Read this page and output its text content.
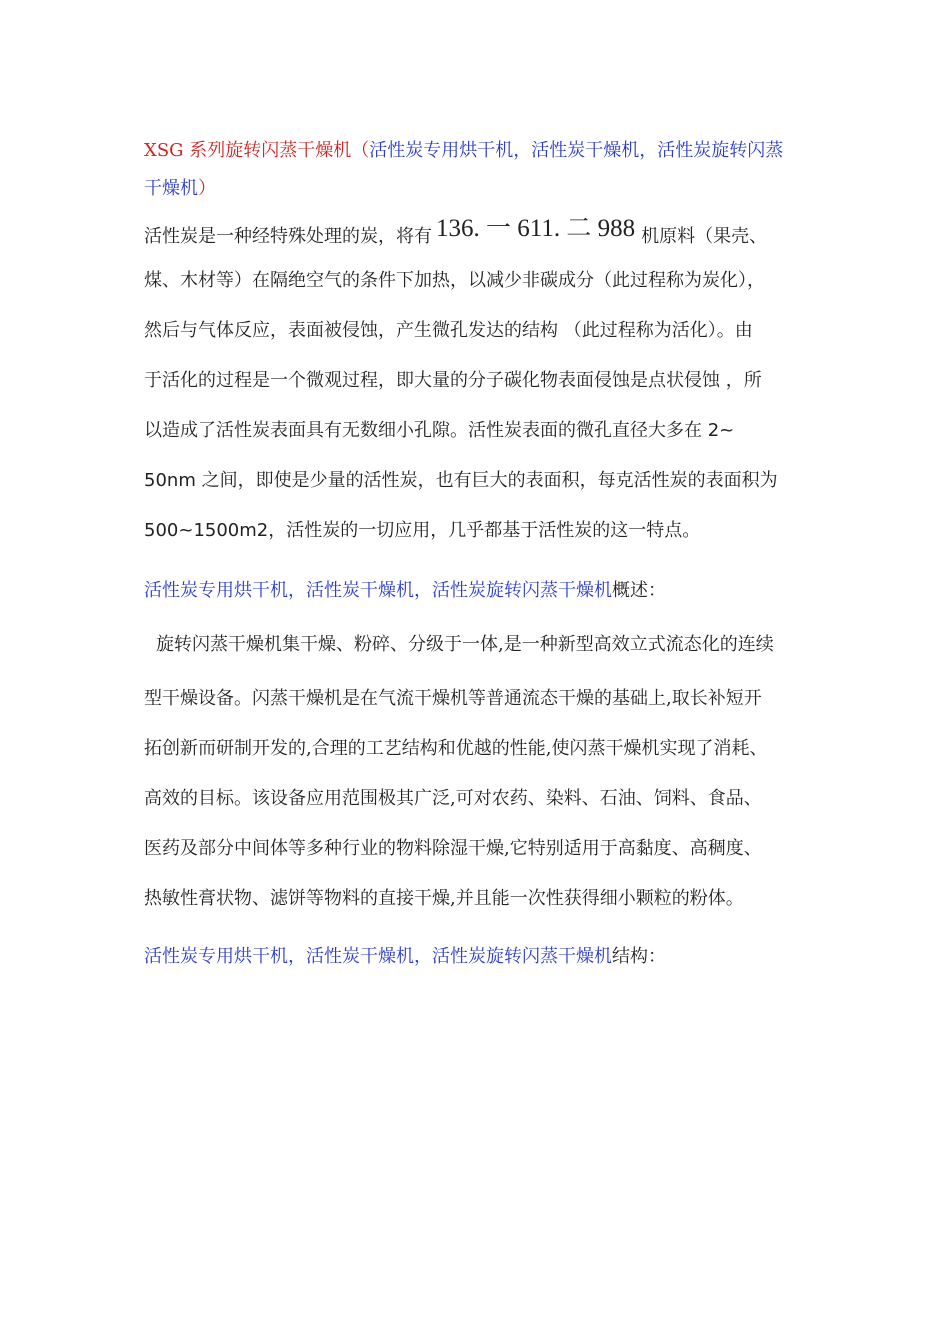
XSG 系列旋转闪蒸干燥机（活性炭专用烘干机，活性炭干燥机，活性炭旋转闪蒸
干燥机）
活性炭是一种经特殊处理的炭，将有 136. 一 611. 二 988 机原料（果壳、
煤、木材等）在隔绝空气的条件下加热，以减少非碳成分（此过程称为炭化），
然后与气体反应，表面被侵蚀，产生微孔发达的结构 （此过程称为活化）。由
于活化的过程是一个微观过程，即大量的分子碳化物表面侵蚀是点状侵蚀 ，所
以造成了活性炭表面具有无数细小孔隙。活性炭表面的微孔直径大多在 2~
50nm 之间，即使是少量的活性炭，也有巨大的表面积，每克活性炭的表面积为
500~1500m2，活性炭的一切应用，几乎都基于活性炭的这一特点。
活性炭专用烘干机，活性炭干燥机，活性炭旋转闪蒸干燥机概述：
旋转闪蒸干燥机集干燥、粉碎、分级于一体,是一种新型高效立式流态化的连续
型干燥设备。闪蒸干燥机是在气流干燥机等普通流态干燥的基础上,取长补短开
拓创新而研制开发的,合理的工艺结构和优越的性能,使闪蒸干燥机实现了消耗、
高效的目标。该设备应用范围极其广泛,可对农药、染料、石油、饲料、食品、
医药及部分中间体等多种行业的物料除湿干燥,它特别适用于高黏度、高稠度、
热敏性膏状物、滤饼等物料的直接干燥,并且能一次性获得细小颗粒的粉体。
活性炭专用烘干机，活性炭干燥机，活性炭旋转闪蒸干燥机结构：
